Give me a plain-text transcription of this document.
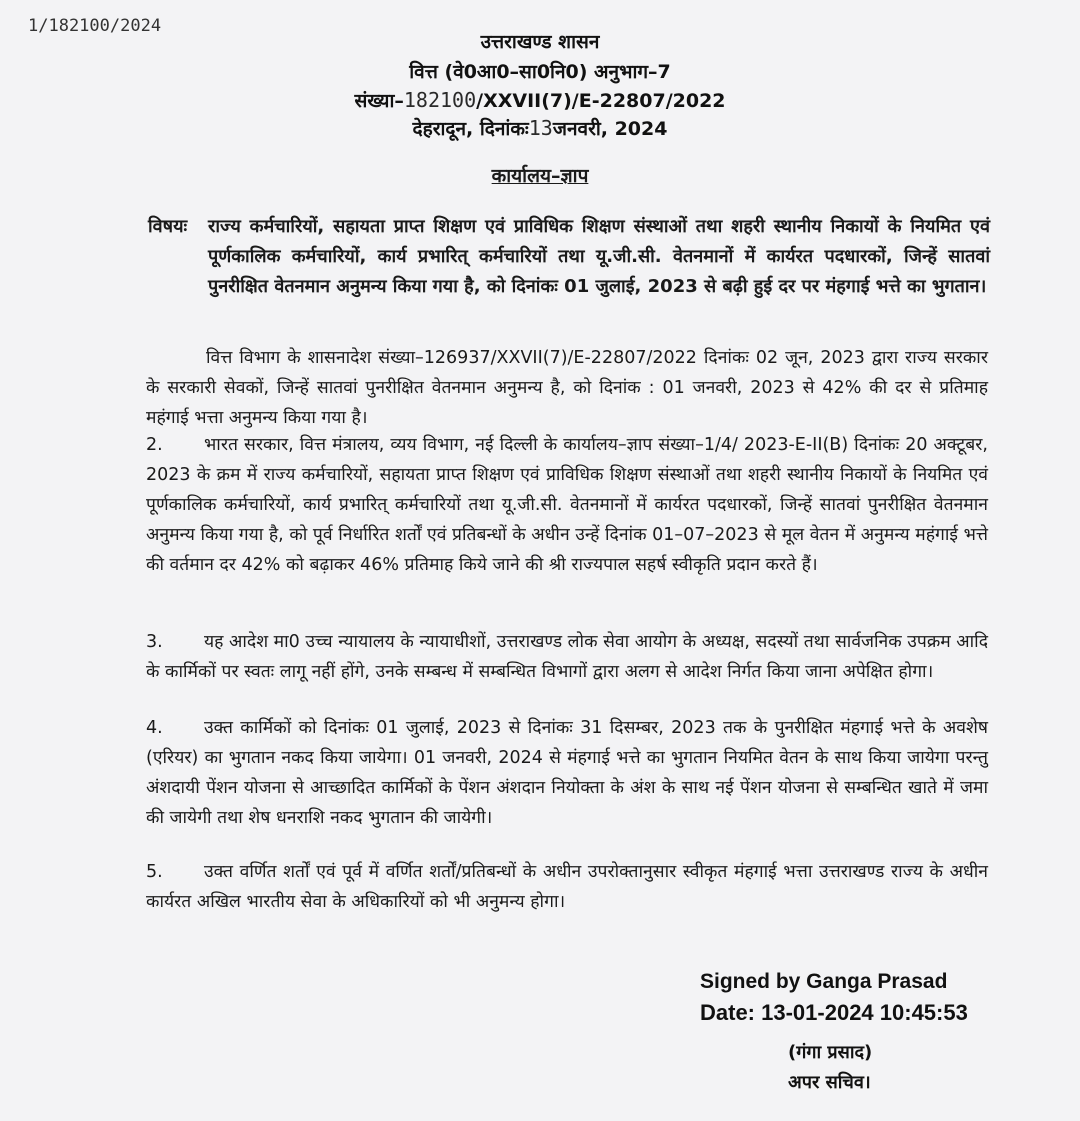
1/182100/2024
उत्तराखण्ड शासन
वित्त (वे0आ0–सा0नि0) अनुभाग–7
संख्या–182100/XXVII(7)/E-22807/2022
देहरादून, दिनांकः13जनवरी, 2024
कार्यालय–ज्ञाप
विषयः राज्य कर्मचारियों, सहायता प्राप्त शिक्षण एवं प्राविधिक शिक्षण संस्थाओं तथा शहरी स्थानीय निकायों के नियमित एवं पूर्णकालिक कर्मचारियों, कार्य प्रभारित् कर्मचारियों तथा यू.जी.सी. वेतनमानों में कार्यरत पदधारकों, जिन्हें सातवां पुनरीक्षित वेतनमान अनुमन्य किया गया है, को दिनांकः 01 जुलाई, 2023 से बढ़ी हुई दर पर मंहगाई भत्ते का भुगतान।
वित्त विभाग के शासनादेश संख्या–126937/XXVII(7)/E-22807/2022 दिनांकः 02 जून, 2023 द्वारा राज्य सरकार के सरकारी सेवकों, जिन्हें सातवां पुनरीक्षित वेतनमान अनुमन्य है, को दिनांक : 01 जनवरी, 2023 से 42% की दर से प्रतिमाह महंगाई भत्ता अनुमन्य किया गया है।
2. भारत सरकार, वित्त मंत्रालय, व्यय विभाग, नई दिल्ली के कार्यालय–ज्ञाप संख्या–1/4/ 2023-E-II(B) दिनांकः 20 अक्टूबर, 2023 के क्रम में राज्य कर्मचारियों, सहायता प्राप्त शिक्षण एवं प्राविधिक शिक्षण संस्थाओं तथा शहरी स्थानीय निकायों के नियमित एवं पूर्णकालिक कर्मचारियों, कार्य प्रभारित् कर्मचारियों तथा यू.जी.सी. वेतनमानों में कार्यरत पदधारकों, जिन्हें सातवां पुनरीक्षित वेतनमान अनुमन्य किया गया है, को पूर्व निर्धारित शर्तों एवं प्रतिबन्धों के अधीन उन्हें दिनांक 01–07–2023 से मूल वेतन में अनुमन्य महंगाई भत्ते की वर्तमान दर 42% को बढ़ाकर 46% प्रतिमाह किये जाने की श्री राज्यपाल सहर्ष स्वीकृति प्रदान करते हैं।
3. यह आदेश मा0 उच्च न्यायालय के न्यायाधीशों, उत्तराखण्ड लोक सेवा आयोग के अध्यक्ष, सदस्यों तथा सार्वजनिक उपक्रम आदि के कार्मिकों पर स्वतः लागू नहीं होंगे, उनके सम्बन्ध में सम्बन्धित विभागों द्वारा अलग से आदेश निर्गत किया जाना अपेक्षित होगा।
4. उक्त कार्मिकों को दिनांकः 01 जुलाई, 2023 से दिनांकः 31 दिसम्बर, 2023 तक के पुनरीक्षित मंहगाई भत्ते के अवशेष (एरियर) का भुगतान नकद किया जायेगा। 01 जनवरी, 2024 से मंहगाई भत्ते का भुगतान नियमित वेतन के साथ किया जायेगा परन्तु अंशदायी पेंशन योजना से आच्छादित कार्मिकों के पेंशन अंशदान नियोक्ता के अंश के साथ नई पेंशन योजना से सम्बन्धित खाते में जमा की जायेगी तथा शेष धनराशि नकद भुगतान की जायेगी।
5. उक्त वर्णित शर्तों एवं पूर्व में वर्णित शर्तों/प्रतिबन्धों के अधीन उपरोक्तानुसार स्वीकृत मंहगाई भत्ता उत्तराखण्ड राज्य के अधीन कार्यरत अखिल भारतीय सेवा के अधिकारियों को भी अनुमन्य होगा।
Signed by Ganga Prasad
Date: 13-01-2024 10:45:53
(गंगा प्रसाद)
अपर सचिव।
